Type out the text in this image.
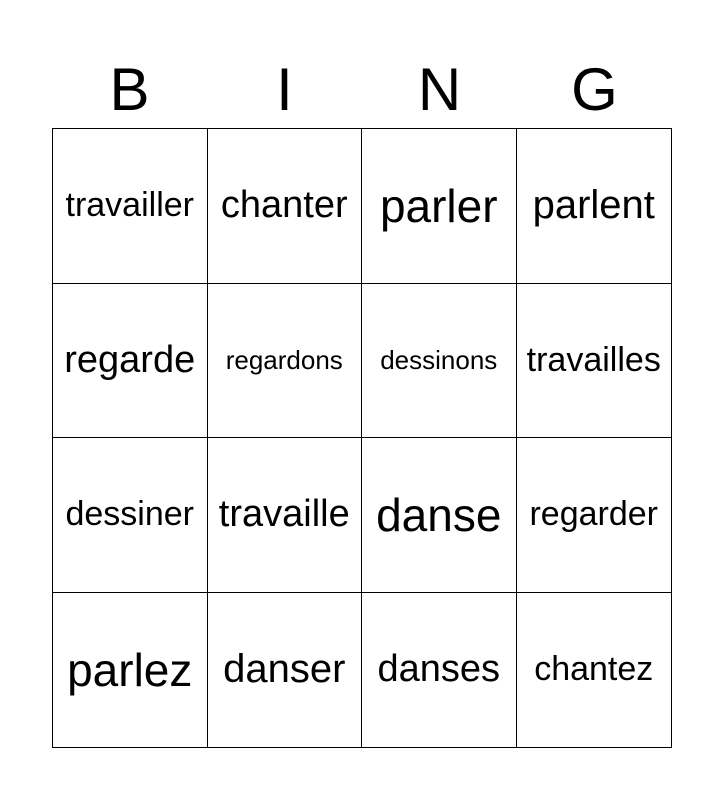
B	I	N	G
travailler chanter parler parlent
regarde	regardons	dessinons travailles
dessiner travaille danse regarder
parlez danser danses	chantez
